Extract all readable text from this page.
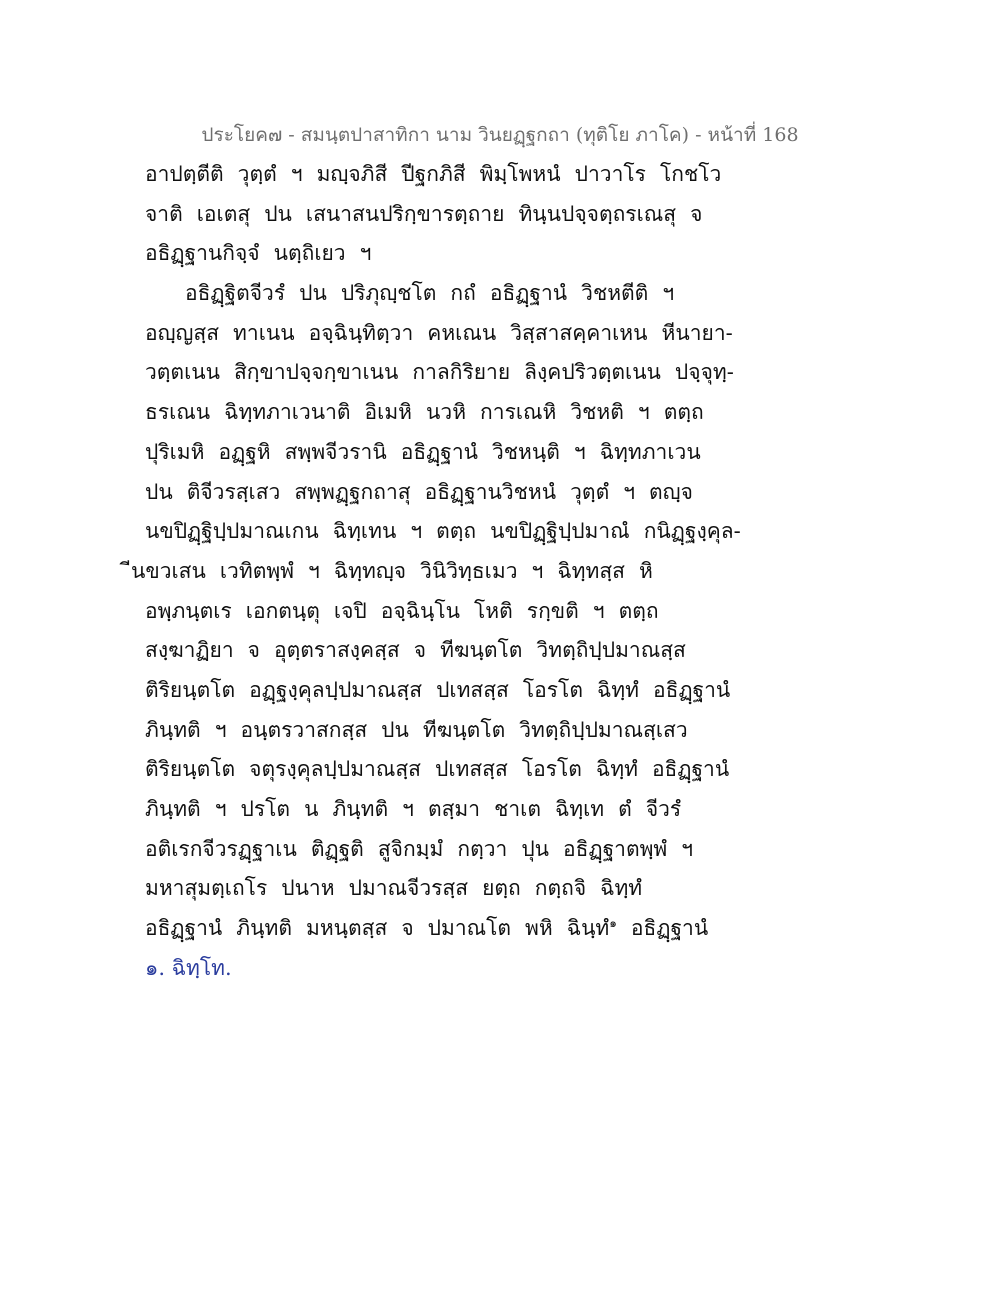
ประโยค๗ - สมนฺตปาสาทิกา นาม วินยฏฺฐกถา (ทุติโย ภาโค) - หน้าที่ 168
อาปตฺตีติ วุตฺตํ ฯ มญฺจภิสี ปีฐกภิสี พิมฺโพหนํ ปาวาโร โกชโว
จาติ เอเตสุ ปน เสนาสนปริกฺขารตฺถาย ทินฺนปจฺจตฺถรเณสุ จ
อธิฏฺฐานกิจฺจํ นตฺถิเยว ฯ
อธิฏฺฐิตจีวรํ ปน ปริภุญฺชโต กถํ อธิฏฺฐานํ วิชหตีติ ฯ
อญฺญสฺส ทาเนน อจฺฉินฺทิตฺวา คหเณน วิสฺสาสคฺคาเหน หีนายา-
วตฺตเนน สิกฺขาปจฺจกฺขาเนน กาลกิริยาย ลิงฺคปริวตฺตเนน ปจฺจุทฺ-
ธรเณน ฉิทฺทภาเวนาติ อิเมหิ นวหิ การเณหิ วิชหติ ฯ ตตฺถ
ปุริเมหิ อฏฺฐหิ สพฺพจีวรานิ อธิฏฺฐานํ วิชหนฺติ ฯ ฉิทฺทภาเวน
ปน ติจีวรสฺเสว สพฺพฏฺฐกถาสุ อธิฏฺฐานวิชหนํ วุตฺตํ ฯ ตญฺจ
นขปิฏฺฐิปฺปมาณเกน ฉิทฺเทน ฯ ตตฺถ นขปิฏฺฐิปฺปมาณํ กนิฏฺฐงฺคุล-
ีนขวเสน เวทิตพฺพํ ฯ ฉิทฺทญฺจ วินิวิทฺธเมว ฯ ฉิทฺทสฺส หิ
อพฺภนฺตเร เอกตนฺตุ เจปิ อจฺฉินฺโน โหติ รกฺขติ ฯ ตตฺถ
สงฺฆาฏิยา จ อุตฺตราสงฺคสฺส จ ทีฆนฺตโต วิทตฺถิปฺปมาณสฺส
ติริยนฺตโต อฏฺฐงฺคุลปฺปมาณสฺส ปเทสสฺส โอรโต ฉิทฺทํ อธิฏฺฐานํ
ภินฺทติ ฯ อนฺตรวาสกสฺส ปน ทีฆนฺตโต วิทตฺถิปฺปมาณสฺเสว
ติริยนฺตโต จตุรงฺคุลปฺปมาณสฺส ปเทสสฺส โอรโต ฉิทฺทํ อธิฏฺฐานํ
ภินฺทติ ฯ ปรโต น ภินฺทติ ฯ ตสฺมา ชาเต ฉิทฺเท ตํ จีวรํ
อติเรกจีวรฏฺฐาเน ติฏฺฐติ สูจิกมฺมํ กตฺวา ปุน อธิฏฺฐาตพฺพํ ฯ
มหาสุมตฺเถโร ปนาห ปมาณจีวรสฺส ยตฺถ กตฺถจิ ฉิทฺทํ
อธิฏฺฐานํ ภินฺทติ มหนฺตสฺส จ ปมาณโต พหิ ฉินฺทํ$^๑$ อธิฏฺฐานํ
๑. ฉิทฺโท.
